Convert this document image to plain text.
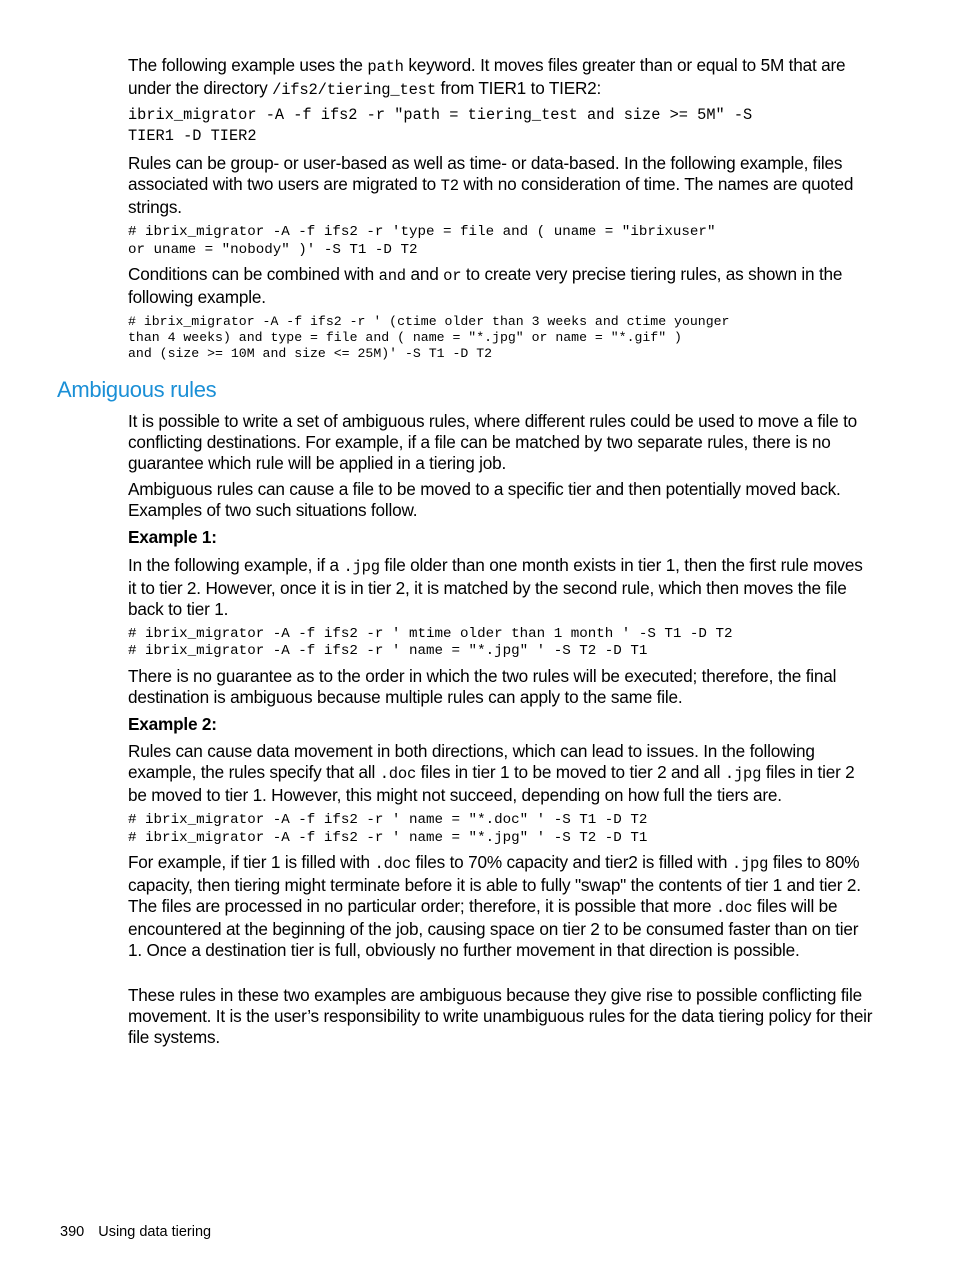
The following example uses the path keyword. It moves files greater than or equal to 5M that are under the directory /ifs2/tiering_test from TIER1 to TIER2:

ibrix_migrator -A -f ifs2 -r "path = tiering_test and size >= 5M" -S
TIER1 -D TIER2

Rules can be group- or user-based as well as time- or data-based. In the following example, files associated with two users are migrated to T2 with no consideration of time. The names are quoted strings.

# ibrix_migrator -A -f ifs2 -r 'type = file and ( uname = "ibrixuser"
or uname = "nobody" )' -S T1 -D T2

Conditions can be combined with and and or to create very precise tiering rules, as shown in the following example.

# ibrix_migrator -A -f ifs2 -r ' (ctime older than 3 weeks and ctime younger
than 4 weeks) and type = file and ( name = "*.jpg" or name = "*.gif" )
and (size >= 10M and size <= 25M)' -S T1 -D T2
Ambiguous rules

It is possible to write a set of ambiguous rules, where different rules could be used to move a file to conflicting destinations. For example, if a file can be matched by two separate rules, there is no guarantee which rule will be applied in a tiering job.

Ambiguous rules can cause a file to be moved to a specific tier and then potentially moved back. Examples of two such situations follow.

Example 1:

In the following example, if a .jpg file older than one month exists in tier 1, then the first rule moves it to tier 2. However, once it is in tier 2, it is matched by the second rule, which then moves the file back to tier 1.

# ibrix_migrator -A -f ifs2 -r ' mtime older than 1 month ' -S T1 -D T2
# ibrix_migrator -A -f ifs2 -r ' name = "*.jpg" ' -S T2 -D T1

There is no guarantee as to the order in which the two rules will be executed; therefore, the final destination is ambiguous because multiple rules can apply to the same file.

Example 2:

Rules can cause data movement in both directions, which can lead to issues. In the following example, the rules specify that all .doc files in tier 1 to be moved to tier 2 and all .jpg files in tier 2 be moved to tier 1. However, this might not succeed, depending on how full the tiers are.

# ibrix_migrator -A -f ifs2 -r ' name = "*.doc" ' -S T1 -D T2
# ibrix_migrator -A -f ifs2 -r ' name = "*.jpg" ' -S T2 -D T1

For example, if tier 1 is filled with .doc files to 70% capacity and tier2 is filled with .jpg files to 80% capacity, then tiering might terminate before it is able to fully "swap" the contents of tier 1 and tier 2. The files are processed in no particular order; therefore, it is possible that more .doc files will be encountered at the beginning of the job, causing space on tier 2 to be consumed faster than on tier 1. Once a destination tier is full, obviously no further movement in that direction is possible.

These rules in these two examples are ambiguous because they give rise to possible conflicting file movement. It is the user’s responsibility to write unambiguous rules for the data tiering policy for their file systems.

390 Using data tiering
